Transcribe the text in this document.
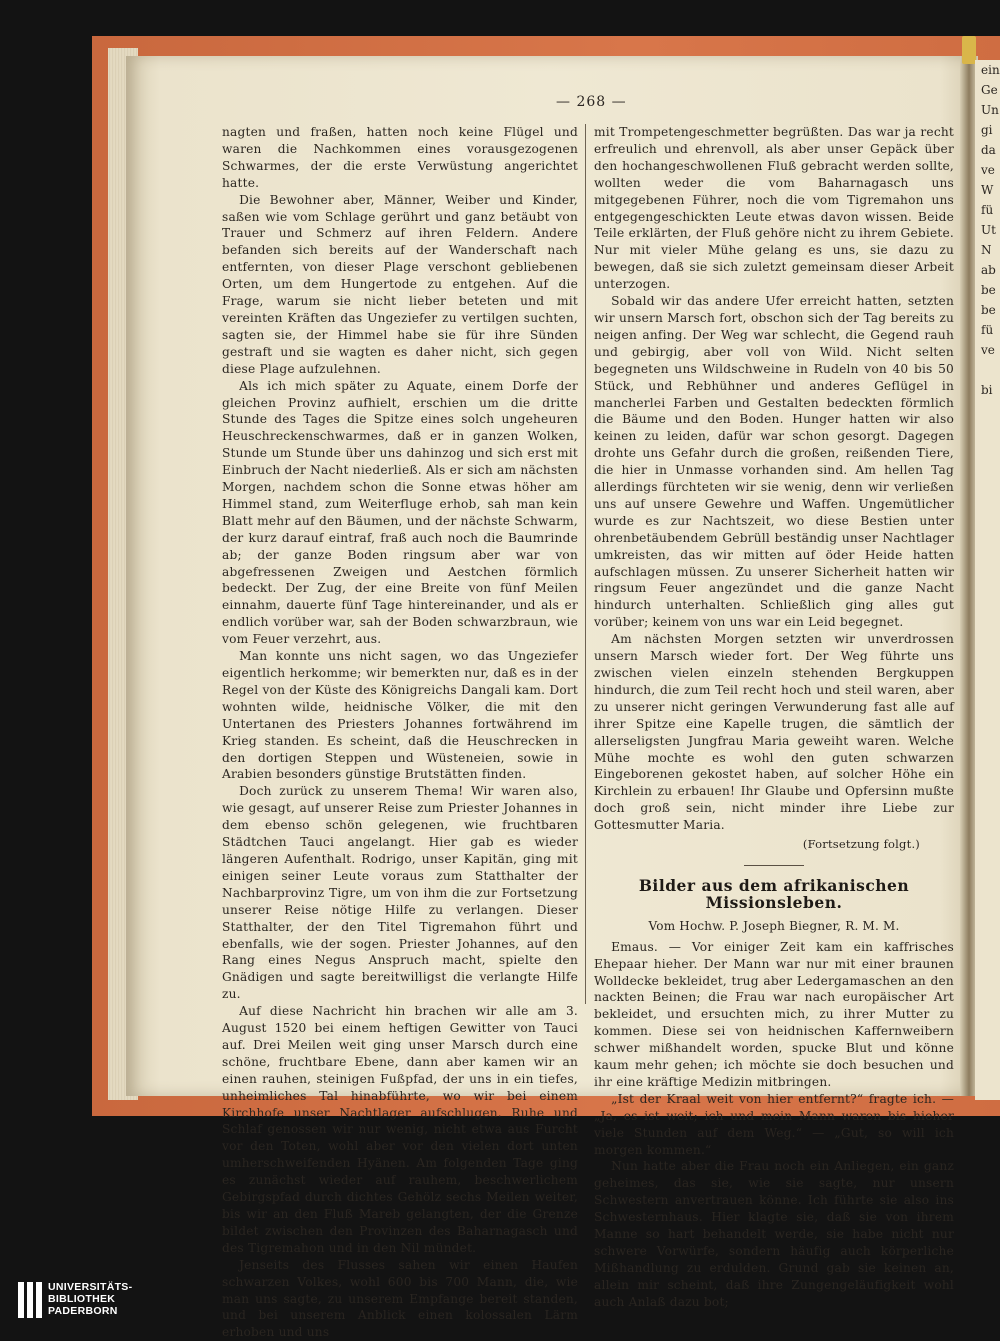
ein
Ge
Un
gi
da
ve
W
fü
Ut
N
ab
be
be
fü
ve

bi
— 268 —

nagten und fraßen, hatten noch keine Flügel und waren die Nachkommen eines vorausgezogenen Schwarmes, der die erste Verwüstung angerichtet hatte.

Die Bewohner aber, Männer, Weiber und Kinder, saßen wie vom Schlage gerührt und ganz betäubt von Trauer und Schmerz auf ihren Feldern. Andere befanden sich bereits auf der Wanderschaft nach entfernten, von dieser Plage verschont gebliebenen Orten, um dem Hungertode zu entgehen. Auf die Frage, warum sie nicht lieber beteten und mit vereinten Kräften das Ungeziefer zu vertilgen suchten, sagten sie, der Himmel habe sie für ihre Sünden gestraft und sie wagten es daher nicht, sich gegen diese Plage aufzulehnen.

Als ich mich später zu Aquate, einem Dorfe der gleichen Provinz aufhielt, erschien um die dritte Stunde des Tages die Spitze eines solch ungeheuren Heuschreckenschwarmes, daß er in ganzen Wolken, Stunde um Stunde über uns dahinzog und sich erst mit Einbruch der Nacht niederließ. Als er sich am nächsten Morgen, nachdem schon die Sonne etwas höher am Himmel stand, zum Weiterfluge erhob, sah man kein Blatt mehr auf den Bäumen, und der nächste Schwarm, der kurz darauf eintraf, fraß auch noch die Baumrinde ab; der ganze Boden ringsum aber war von abgefressenen Zweigen und Aestchen förmlich bedeckt. Der Zug, der eine Breite von fünf Meilen einnahm, dauerte fünf Tage hintereinander, und als er endlich vorüber war, sah der Boden schwarzbraun, wie vom Feuer verzehrt, aus.

Man konnte uns nicht sagen, wo das Ungeziefer eigentlich herkomme; wir bemerkten nur, daß es in der Regel von der Küste des Königreichs Dangali kam. Dort wohnten wilde, heidnische Völker, die mit den Untertanen des Priesters Johannes fortwährend im Krieg standen. Es scheint, daß die Heuschrecken in den dortigen Steppen und Wüsteneien, sowie in Arabien besonders günstige Brutstätten finden.

Doch zurück zu unserem Thema! Wir waren also, wie gesagt, auf unserer Reise zum Priester Johannes in dem ebenso schön gelegenen, wie fruchtbaren Städtchen Tauci angelangt. Hier gab es wieder längeren Aufenthalt. Rodrigo, unser Kapitän, ging mit einigen seiner Leute voraus zum Statthalter der Nachbarprovinz Tigre, um von ihm die zur Fortsetzung unserer Reise nötige Hilfe zu verlangen. Dieser Statthalter, der den Titel Tigremahon führt und ebenfalls, wie der sogen. Priester Johannes, auf den Rang eines Negus Anspruch macht, spielte den Gnädigen und sagte bereitwilligst die verlangte Hilfe zu.

Auf diese Nachricht hin brachen wir alle am 3. August 1520 bei einem heftigen Gewitter von Tauci auf. Drei Meilen weit ging unser Marsch durch eine schöne, fruchtbare Ebene, dann aber kamen wir an einen rauhen, steinigen Fußpfad, der uns in ein tiefes, unheimliches Tal hinabführte, wo wir bei einem Kirchhofe unser Nachtlager aufschlugen. Ruhe und Schlaf genossen wir nur wenig, nicht etwa aus Furcht vor den Toten, wohl aber vor den vielen dort unten umherschweifenden Hyänen. Am folgenden Tage ging es zunächst wieder auf rauhem, beschwerlichem Gebirgspfad durch dichtes Gehölz sechs Meilen weiter, bis wir an den Fluß Mareb gelangten, der die Grenze bildet zwischen den Provinzen des Baharnagasch und des Tigremahon und in den Nil mündet.

Jenseits des Flusses sahen wir einen Haufen schwarzen Volkes, wohl 600 bis 700 Mann, die, wie man uns sagte, zu unserem Empfange bereit standen, und bei unserem Anblick einen kolossalen Lärm erhoben und uns

mit Trompetengeschmetter begrüßten. Das war ja recht erfreulich und ehrenvoll, als aber unser Gepäck über den hochangeschwollenen Fluß gebracht werden sollte, wollten weder die vom Baharnagasch uns mitgegebenen Führer, noch die vom Tigremahon uns entgegengeschickten Leute etwas davon wissen. Beide Teile erklärten, der Fluß gehöre nicht zu ihrem Gebiete. Nur mit vieler Mühe gelang es uns, sie dazu zu bewegen, daß sie sich zuletzt gemeinsam dieser Arbeit unterzogen.

Sobald wir das andere Ufer erreicht hatten, setzten wir unsern Marsch fort, obschon sich der Tag bereits zu neigen anfing. Der Weg war schlecht, die Gegend rauh und gebirgig, aber voll von Wild. Nicht selten begegneten uns Wildschweine in Rudeln von 40 bis 50 Stück, und Rebhühner und anderes Geflügel in mancherlei Farben und Gestalten bedeckten förmlich die Bäume und den Boden. Hunger hatten wir also keinen zu leiden, dafür war schon gesorgt. Dagegen drohte uns Gefahr durch die großen, reißenden Tiere, die hier in Unmasse vorhanden sind. Am hellen Tag allerdings fürchteten wir sie wenig, denn wir verließen uns auf unsere Gewehre und Waffen. Ungemütlicher wurde es zur Nachtszeit, wo diese Bestien unter ohrenbetäubendem Gebrüll beständig unser Nachtlager umkreisten, das wir mitten auf öder Heide hatten aufschlagen müssen. Zu unserer Sicherheit hatten wir ringsum Feuer angezündet und die ganze Nacht hindurch unterhalten. Schließlich ging alles gut vorüber; keinem von uns war ein Leid begegnet.

Am nächsten Morgen setzten wir unverdrossen unsern Marsch wieder fort. Der Weg führte uns zwischen vielen einzeln stehenden Bergkuppen hindurch, die zum Teil recht hoch und steil waren, aber zu unserer nicht geringen Verwunderung fast alle auf ihrer Spitze eine Kapelle trugen, die sämtlich der allerseligsten Jungfrau Maria geweiht waren. Welche Mühe mochte es wohl den guten schwarzen Eingeborenen gekostet haben, auf solcher Höhe ein Kirchlein zu erbauen! Ihr Glaube und Opfersinn mußte doch groß sein, nicht minder ihre Liebe zur Gottesmutter Maria.

(Fortsetzung folgt.)
Bilder aus dem afrikanischen Missionsleben.
Vom Hochw. P. Joseph Biegner, R. M. M.

Emaus. — Vor einiger Zeit kam ein kaffrisches Ehepaar hieher. Der Mann war nur mit einer braunen Wolldecke bekleidet, trug aber Ledergamaschen an den nackten Beinen; die Frau war nach europäischer Art bekleidet, und ersuchten mich, zu ihrer Mutter zu kommen. Diese sei von heidnischen Kaffernweibern schwer mißhandelt worden, spucke Blut und könne kaum mehr gehen; ich möchte sie doch besuchen und ihr eine kräftige Medizin mitbringen.

„Ist der Kraal weit von hier entfernt?“ fragte ich. — „Ja, es ist weit; ich und mein Mann waren bis hieher viele Stunden auf dem Weg.“ — „Gut, so will ich morgen kommen.“

Nun hatte aber die Frau noch ein Anliegen, ein ganz geheimes, das sie, wie sie sagte, nur unsern Schwestern anvertrauen könne. Ich führte sie also ins Schwesternhaus. Hier klagte sie, daß sie von ihrem Manne so hart behandelt werde, sie habe nicht nur schwere Vorwürfe, sondern häufig auch körperliche Mißhandlung zu erdulden. Grund gab sie keinen an, allein mir scheint, daß ihre Zungengeläufigkeit wohl auch Anlaß dazu bot;

UNIVERSITÄTS-
BIBLIOTHEK
PADERBORN
